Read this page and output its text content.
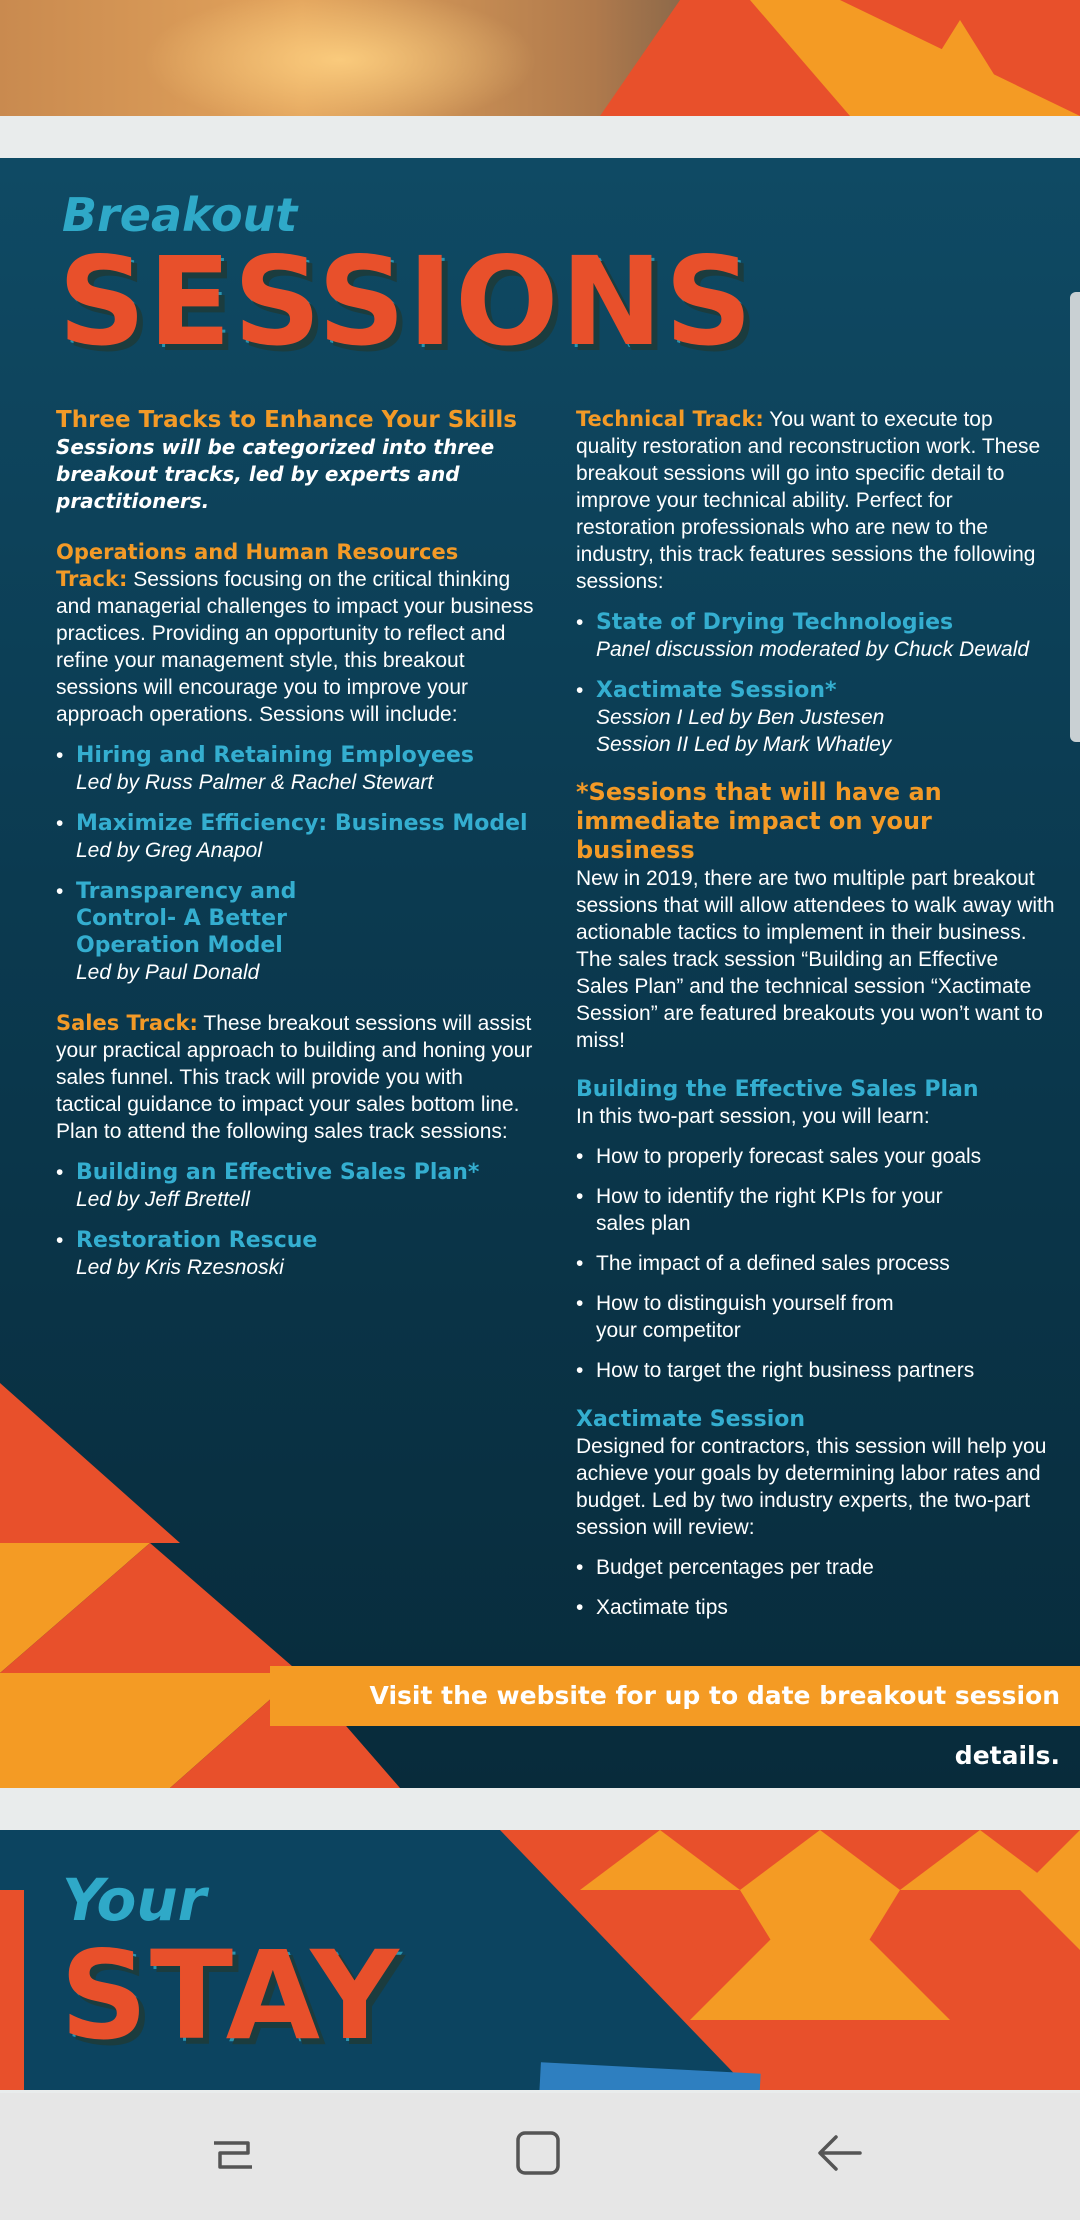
Breakout
SESSIONS
Three Tracks to Enhance Your Skills
Sessions will be categorized into three breakout tracks, led by experts and practitioners.

Operations and Human Resources Track: Sessions focusing on the critical thinking and managerial challenges to impact your business practices. Providing an opportunity to reflect and refine your management style, this breakout sessions will encourage you to improve your approach operations. Sessions will include:

• Hiring and Retaining Employees
Led by Russ Palmer & Rachel Stewart
• Maximize Efficiency: Business Model
Led by Greg Anapol
• Transparency and Control- A Better Operation Model
Led by Paul Donald

Sales Track: These breakout sessions will assist your practical approach to building and honing your sales funnel. This track will provide you with tactical guidance to impact your sales bottom line. Plan to attend the following sales track sessions:

• Building an Effective Sales Plan*
Led by Jeff Brettell
• Restoration Rescue
Led by Kris Rzesnoski

Technical Track: You want to execute top quality restoration and reconstruction work. These breakout sessions will go into specific detail to improve your technical ability. Perfect for restoration professionals who are new to the industry, this track features sessions the following sessions:

• State of Drying Technologies
Panel discussion moderated by Chuck Dewald
• Xactimate Session*
Session I Led by Ben Justesen
Session II Led by Mark Whatley
*Sessions that will have an immediate impact on your business

New in 2019, there are two multiple part breakout sessions that will allow attendees to walk away with actionable tactics to implement in their business. The sales track session “Building an Effective Sales Plan” and the technical session “Xactimate Session” are featured breakouts you won’t want to miss!

Building the Effective Sales Plan

In this two-part session, you will learn:

• How to properly forecast sales your goals
• How to identify the right KPIs for your sales plan
• The impact of a defined sales process
• How to distinguish yourself from your competitor
• How to target the right business partners
Xactimate Session

Designed for contractors, this session will help you achieve your goals by determining labor rates and budget. Led by two industry experts, the two-part session will review:

• Budget percentages per trade
• Xactimate tips
Visit the website for up to date breakout session details.
Your
STAY
